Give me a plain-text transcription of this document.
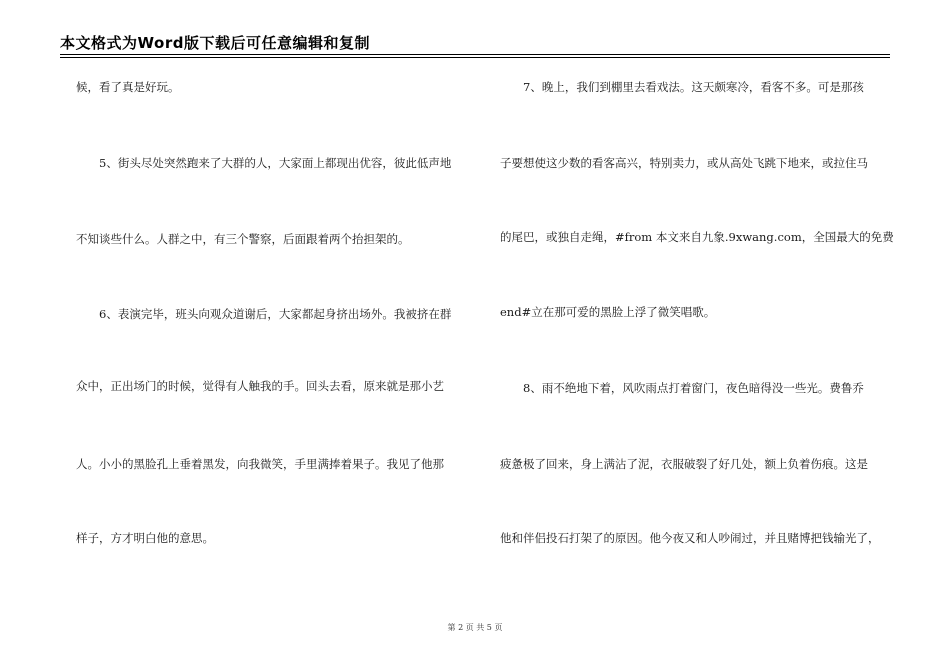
本文格式为Word版下载后可任意编辑和复制
候，看了真是好玩。
5、街头尽处突然跑来了大群的人，大家面上都现出优容，彼此低声地
不知谈些什么。人群之中，有三个警察，后面跟着两个抬担架的。
6、表演完毕，班头向观众道谢后，大家都起身挤出场外。我被挤在群
众中，正出场门的时候，觉得有人触我的手。回头去看，原来就是那小艺
人。小小的黑脸孔上垂着黑发，向我微笑，手里满捧着果子。我见了他那
样子，方才明白他的意思。
7、晚上，我们到棚里去看戏法。这天颇寒冷，看客不多。可是那孩
子要想使这少数的看客高兴，特别卖力，或从高处飞跳下地来，或拉住马
的尾巴，或独自走绳，#from 本文来自九象.9xwang.com，全国最大的免费
end#立在那可爱的黑脸上浮了微笑唱歌。
8、雨不绝地下着，风吹雨点打着窗门，夜色暗得没一些光。费鲁乔
疲惫极了回来，身上满沾了泥，衣服破裂了好几处，额上负着伤痕。这是
他和伴侣投石打架了的原因。他今夜又和人吵闹过，并且赌博把钱输光了，
第 2 页 共 5 页
